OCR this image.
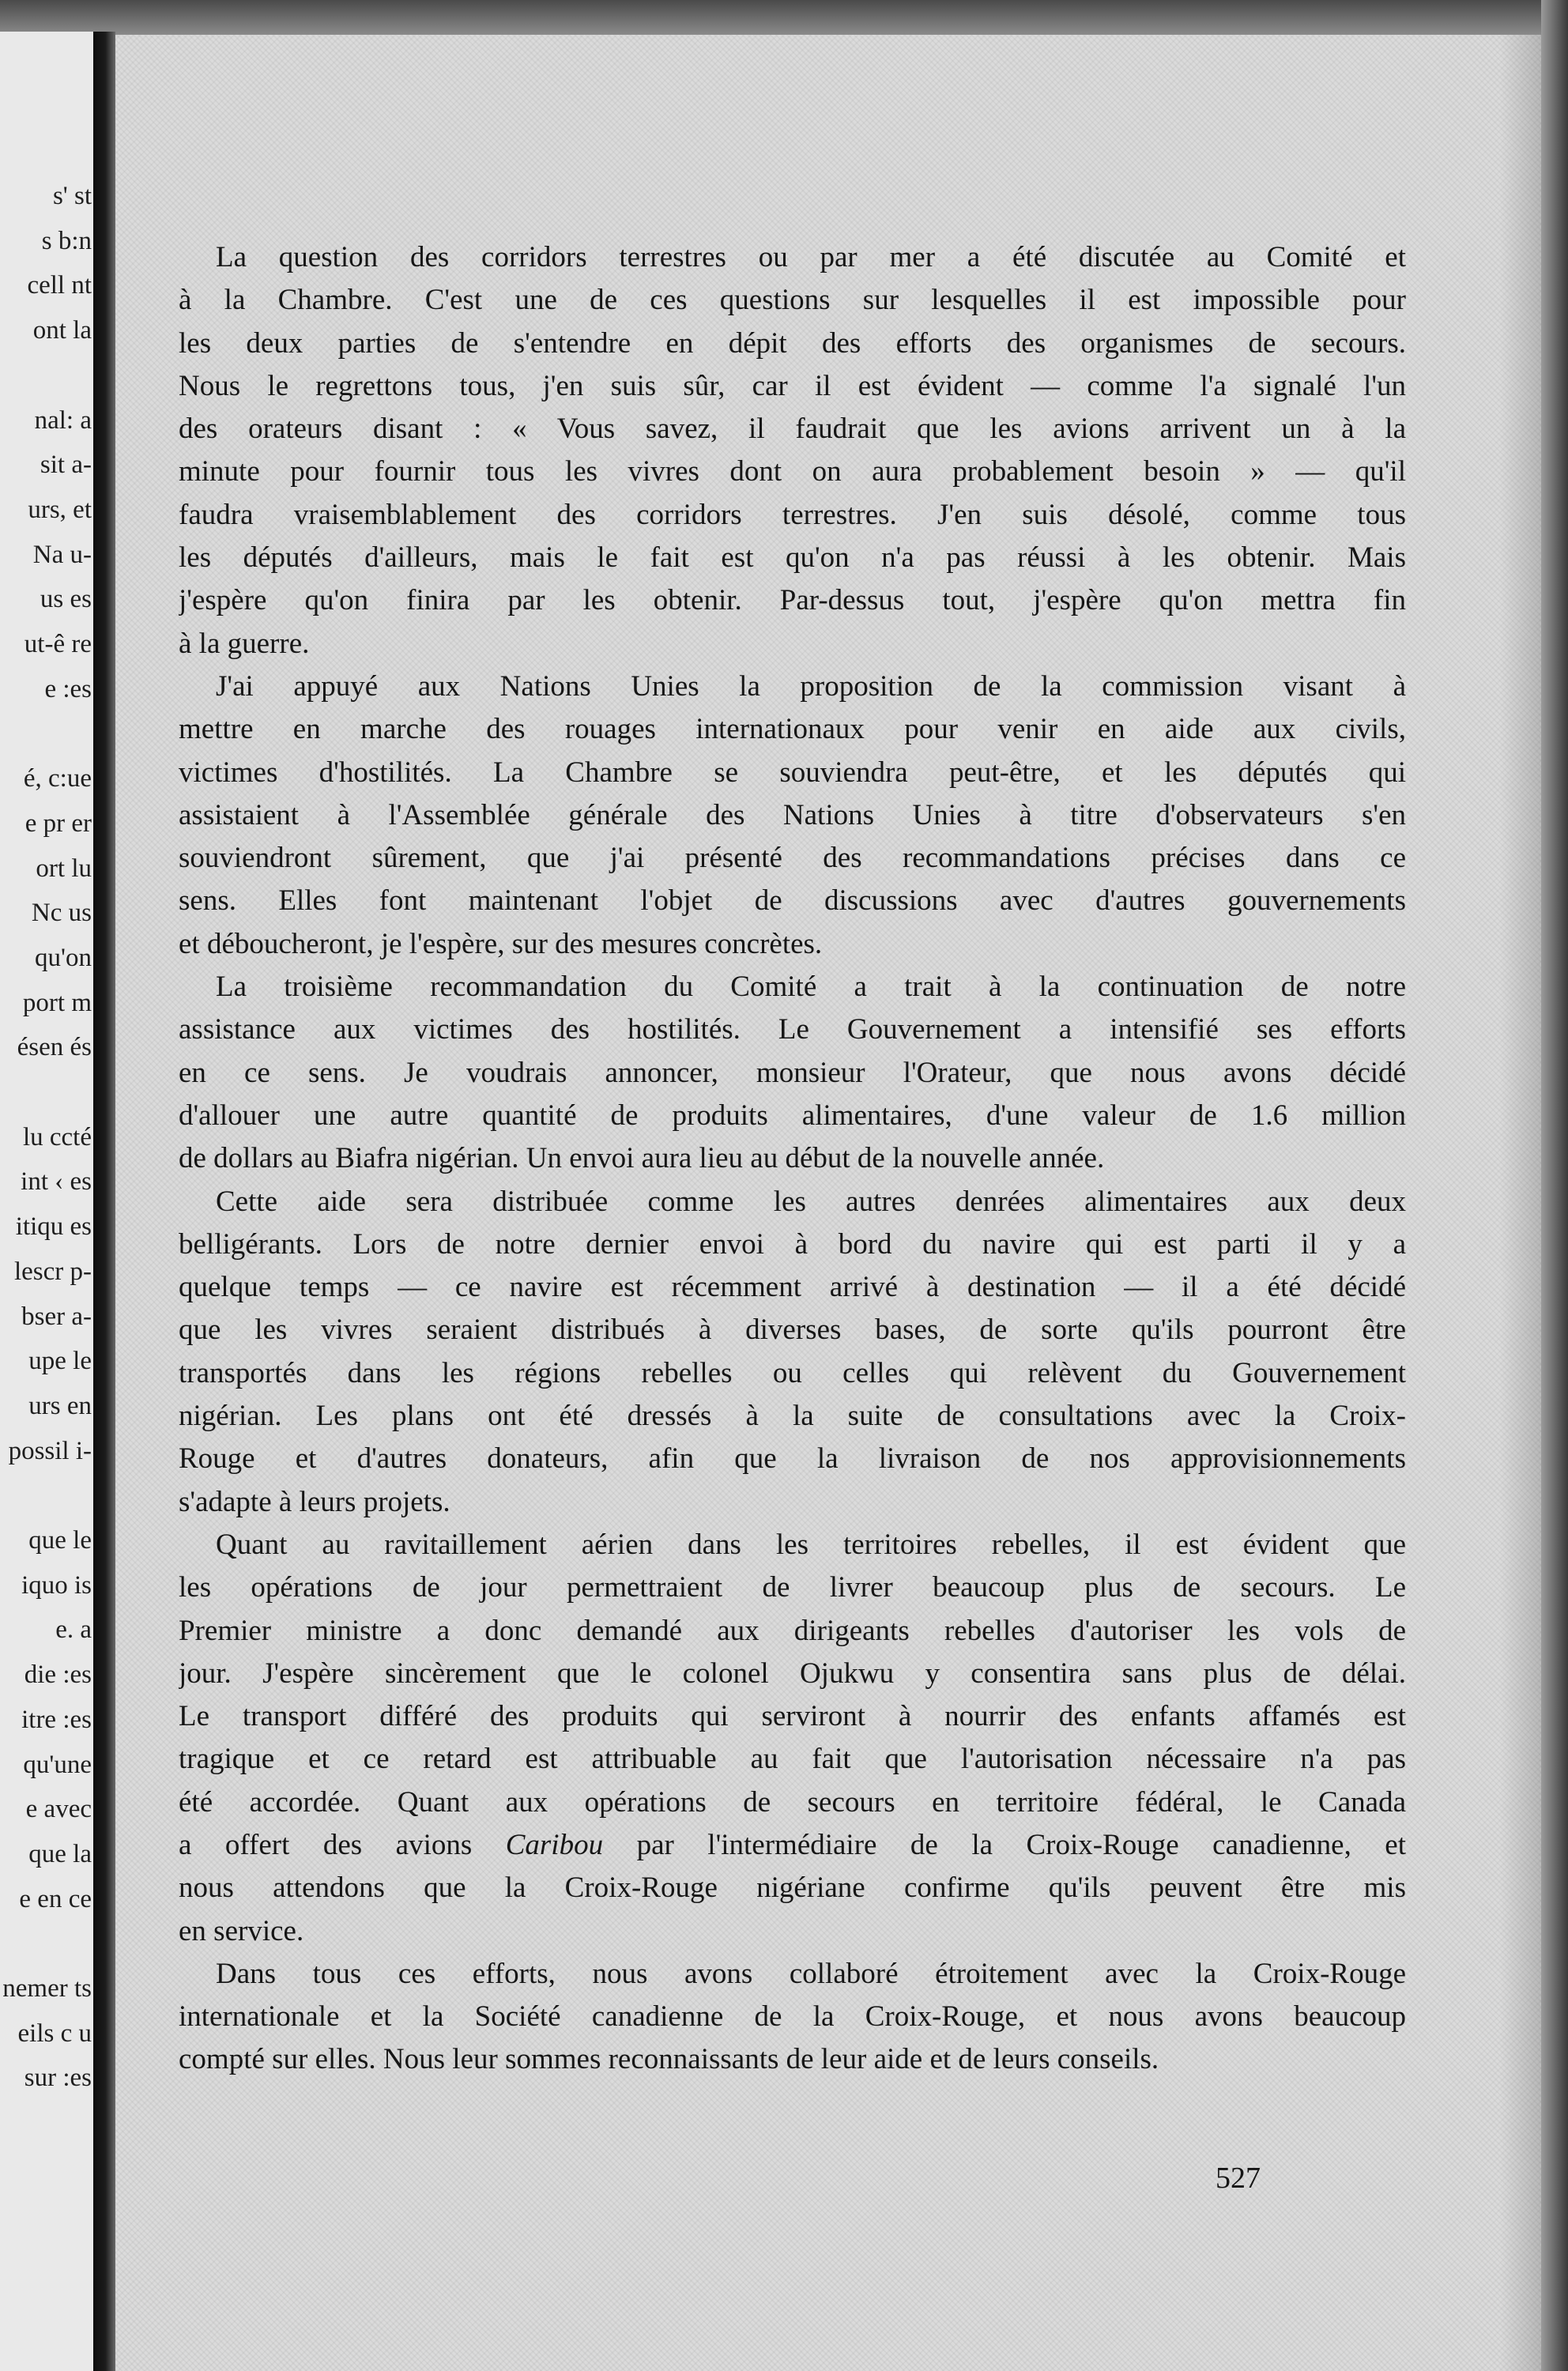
s' st
s b:n
cell nt
ont la
nal: a
sit a-
urs, et
Na u-
us es
ut-ê re
e :es
é, c:ue
e pr er
ort lu
Nc us
qu'on
port m
ésen és
lu ccté
int ‹ es
itiqu es
lescr p-
bser a-
upe le
urs en
possil i-
que le
iquo is
e. a
die :es
itre :es
qu'une
e avec
que la
e en ce
nemer ts
eils c u
sur :es
La question des corridors terrestres ou par mer a été discutée au Comité et
à la Chambre. C'est une de ces questions sur lesquelles il est impossible pour
les deux parties de s'entendre en dépit des efforts des organismes de secours.
Nous le regrettons tous, j'en suis sûr, car il est évident — comme l'a signalé l'un
des orateurs disant : « Vous savez, il faudrait que les avions arrivent un à la
minute pour fournir tous les vivres dont on aura probablement besoin » — qu'il
faudra vraisemblablement des corridors terrestres. J'en suis désolé, comme tous
les députés d'ailleurs, mais le fait est qu'on n'a pas réussi à les obtenir. Mais
j'espère qu'on finira par les obtenir. Par-dessus tout, j'espère qu'on mettra fin
à la guerre.
J'ai appuyé aux Nations Unies la proposition de la commission visant à
mettre en marche des rouages internationaux pour venir en aide aux civils,
victimes d'hostilités. La Chambre se souviendra peut-être, et les députés qui
assistaient à l'Assemblée générale des Nations Unies à titre d'observateurs s'en
souviendront sûrement, que j'ai présenté des recommandations précises dans ce
sens. Elles font maintenant l'objet de discussions avec d'autres gouvernements
et déboucheront, je l'espère, sur des mesures concrètes.
La troisième recommandation du Comité a trait à la continuation de notre
assistance aux victimes des hostilités. Le Gouvernement a intensifié ses efforts
en ce sens. Je voudrais annoncer, monsieur l'Orateur, que nous avons décidé
d'allouer une autre quantité de produits alimentaires, d'une valeur de 1.6 million
de dollars au Biafra nigérian. Un envoi aura lieu au début de la nouvelle année.
Cette aide sera distribuée comme les autres denrées alimentaires aux deux
belligérants. Lors de notre dernier envoi à bord du navire qui est parti il y a
quelque temps — ce navire est récemment arrivé à destination — il a été décidé
que les vivres seraient distribués à diverses bases, de sorte qu'ils pourront être
transportés dans les régions rebelles ou celles qui relèvent du Gouvernement
nigérian. Les plans ont été dressés à la suite de consultations avec la Croix-
Rouge et d'autres donateurs, afin que la livraison de nos approvisionnements
s'adapte à leurs projets.
Quant au ravitaillement aérien dans les territoires rebelles, il est évident que
les opérations de jour permettraient de livrer beaucoup plus de secours. Le
Premier ministre a donc demandé aux dirigeants rebelles d'autoriser les vols de
jour. J'espère sincèrement que le colonel Ojukwu y consentira sans plus de délai.
Le transport différé des produits qui serviront à nourrir des enfants affamés est
tragique et ce retard est attribuable au fait que l'autorisation nécessaire n'a pas
été accordée. Quant aux opérations de secours en territoire fédéral, le Canada
a offert des avions Caribou par l'intermédiaire de la Croix-Rouge canadienne, et
nous attendons que la Croix-Rouge nigériane confirme qu'ils peuvent être mis
en service.
Dans tous ces efforts, nous avons collaboré étroitement avec la Croix-Rouge
internationale et la Société canadienne de la Croix-Rouge, et nous avons beaucoup
compté sur elles. Nous leur sommes reconnaissants de leur aide et de leurs conseils.
527
